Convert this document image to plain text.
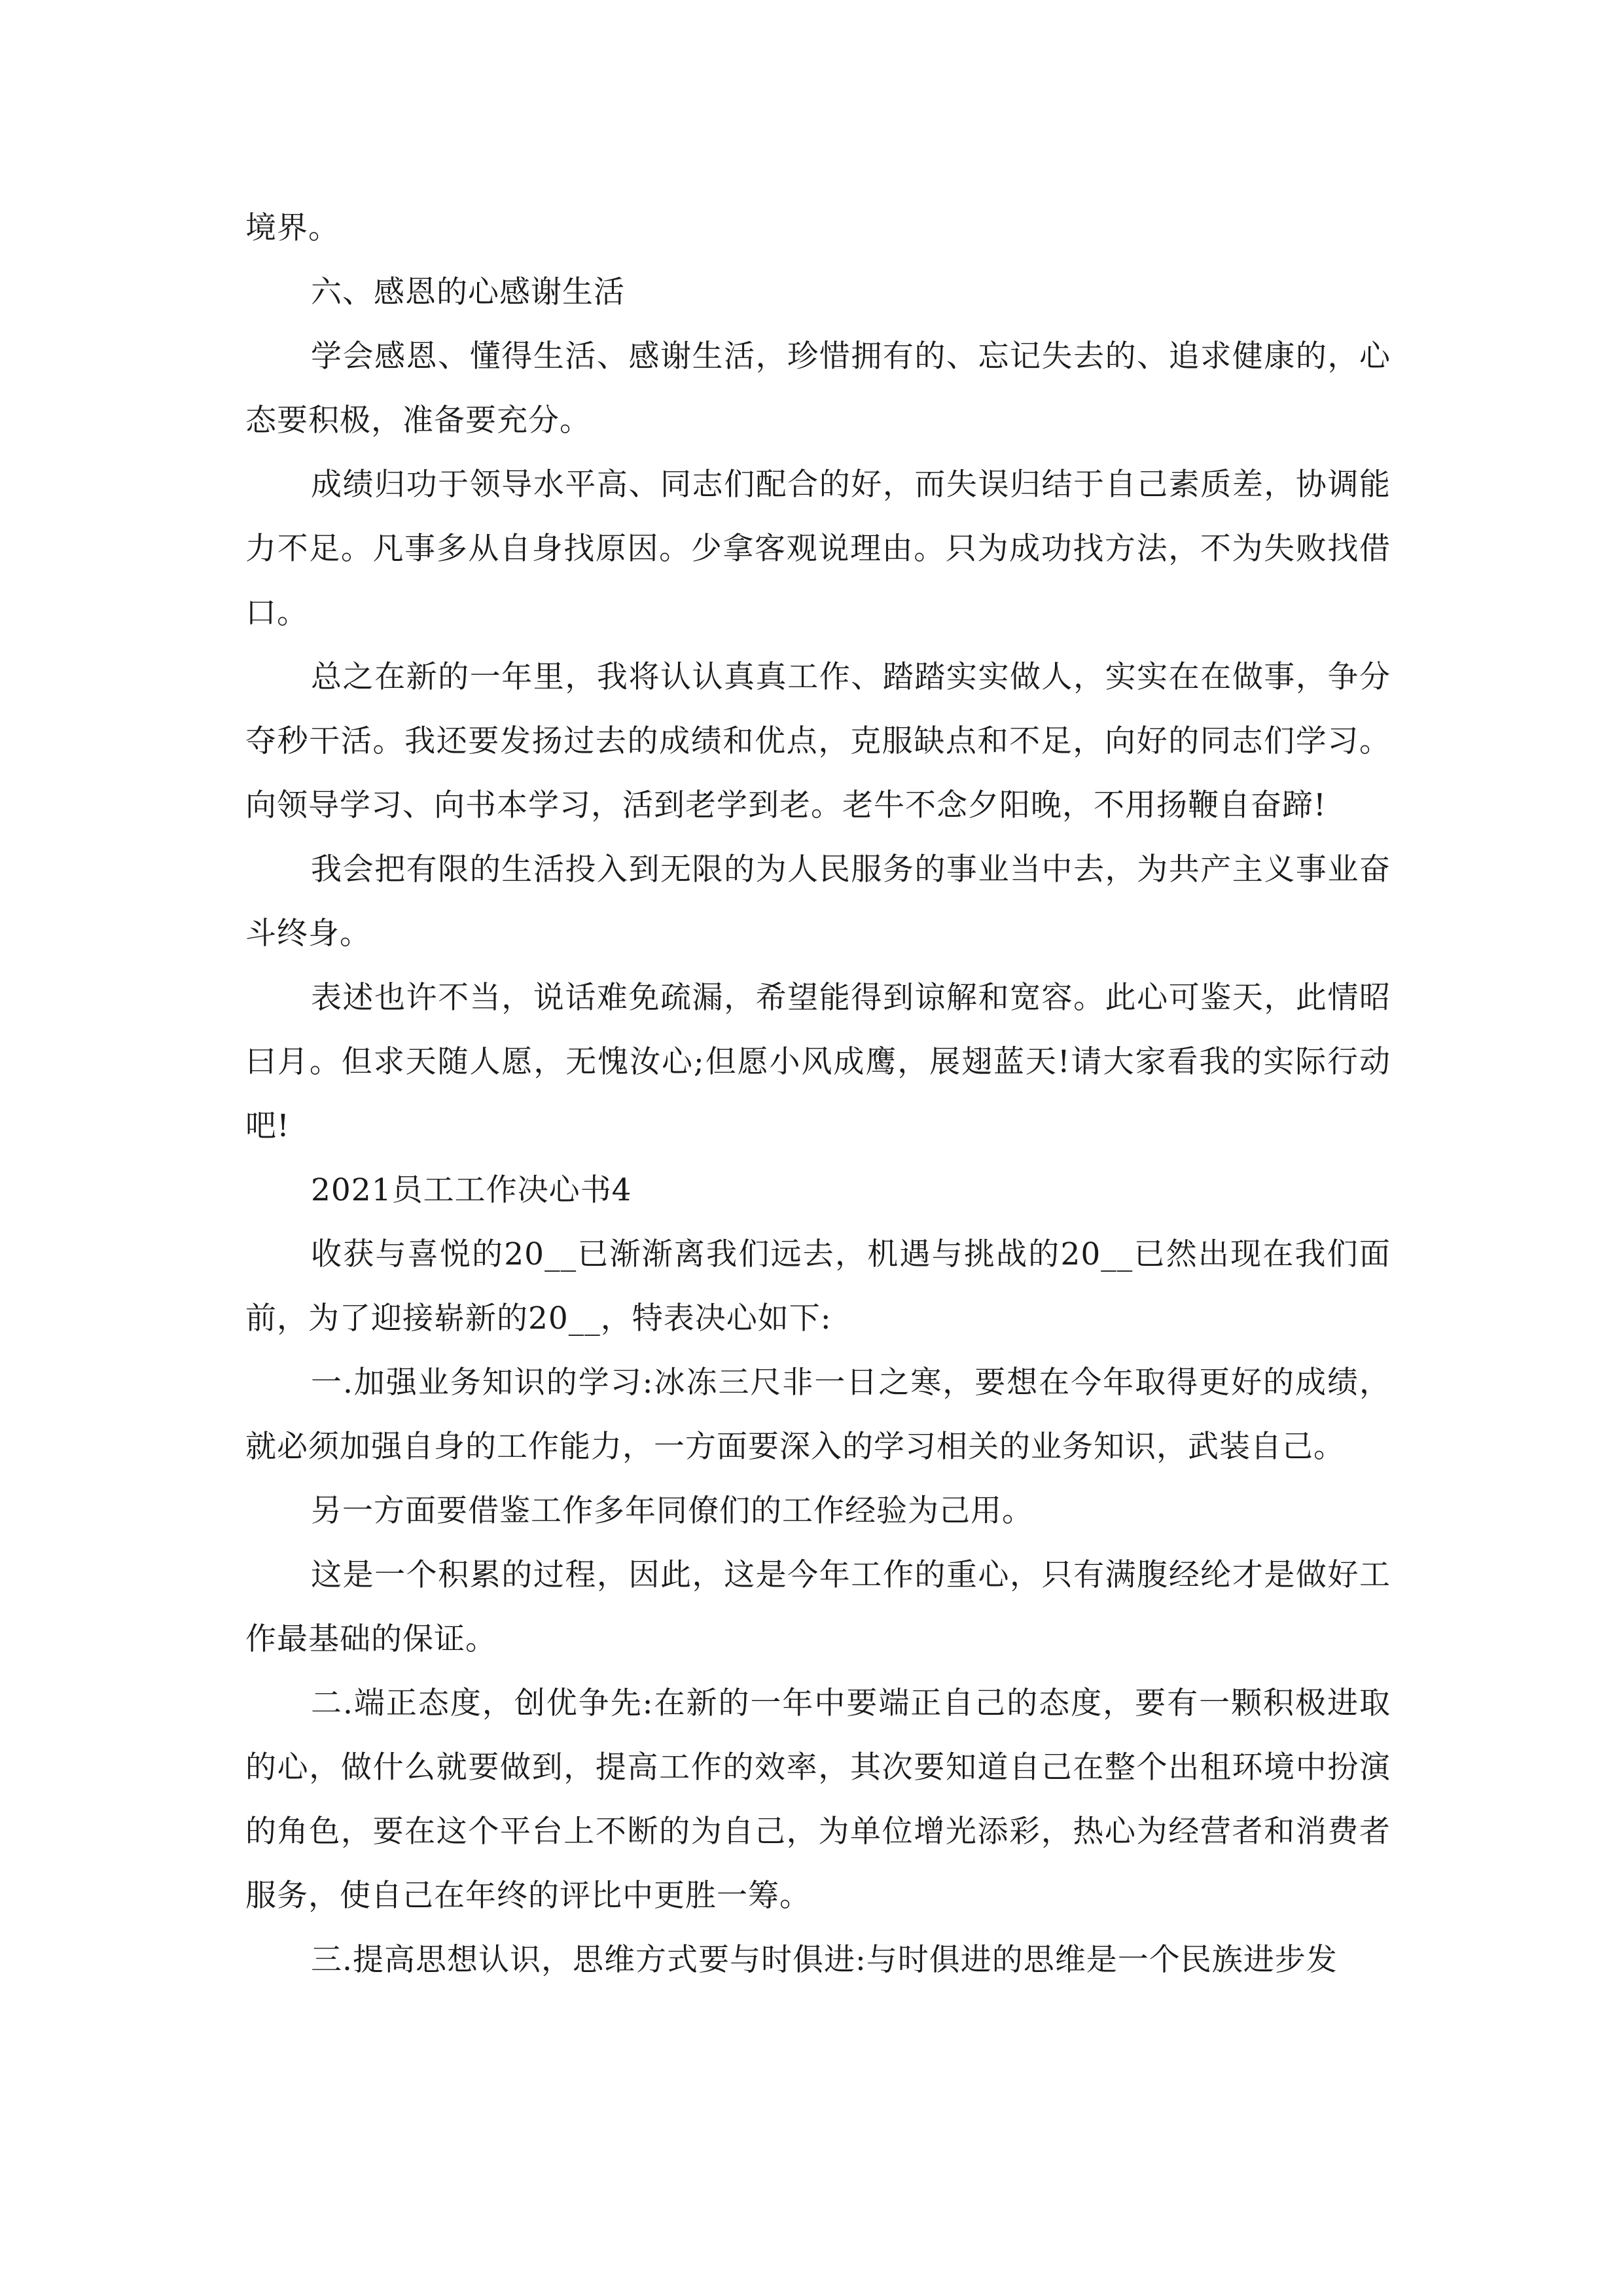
境界。

六、感恩的心感谢生活

学会感恩、懂得生活、感谢生活，珍惜拥有的、忘记失去的、追求健康的，心态要积极，准备要充分。

成绩归功于领导水平高、同志们配合的好，而失误归结于自己素质差，协调能力不足。凡事多从自身找原因。少拿客观说理由。只为成功找方法，不为失败找借口。

总之在新的一年里，我将认认真真工作、踏踏实实做人，实实在在做事，争分夺秒干活。我还要发扬过去的成绩和优点，克服缺点和不足，向好的同志们学习。向领导学习、向书本学习，活到老学到老。老牛不念夕阳晚，不用扬鞭自奋蹄!

我会把有限的生活投入到无限的为人民服务的事业当中去，为共产主义事业奋斗终身。

表述也许不当，说话难免疏漏，希望能得到谅解和宽容。此心可鉴天，此情昭曰月。但求天随人愿，无愧汝心;但愿小风成鹰，展翅蓝天!请大家看我的实际行动吧!

2021员工工作决心书4

收获与喜悦的20__已渐渐离我们远去，机遇与挑战的20__已然出现在我们面前，为了迎接崭新的20__，特表决心如下:

一.加强业务知识的学习:冰冻三尺非一日之寒，要想在今年取得更好的成绩，就必须加强自身的工作能力，一方面要深入的学习相关的业务知识，武装自己。

另一方面要借鉴工作多年同僚们的工作经验为己用。

这是一个积累的过程，因此，这是今年工作的重心，只有满腹经纶才是做好工作最基础的保证。

二.端正态度，创优争先:在新的一年中要端正自己的态度，要有一颗积极进取的心，做什么就要做到，提高工作的效率，其次要知道自己在整个出租环境中扮演的角色，要在这个平台上不断的为自己，为单位增光添彩，热心为经营者和消费者服务，使自己在年终的评比中更胜一筹。

三.提高思想认识，思维方式要与时俱进:与时俱进的思维是一个民族进步发
